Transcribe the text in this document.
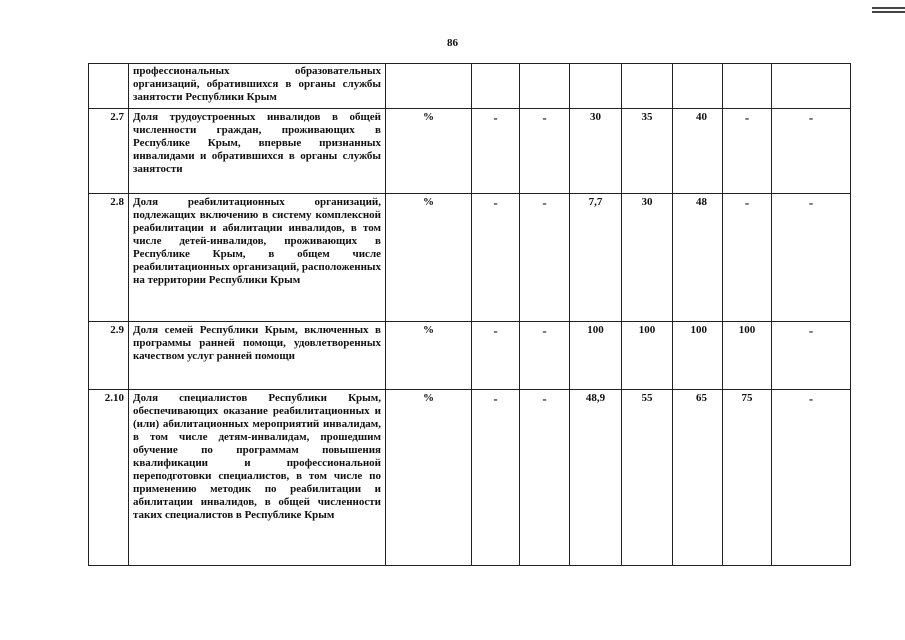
86
	профессиональных образовательных организаций, обратившихся в органы службы занятости Республики Крым								
2.7	Доля трудоустроенных инвалидов в общей численности граждан, проживающих в Республике Крым, впервые признанных инвалидами и обратившихся в органы службы занятости	%	-	-	30	35	40	-	-
2.8	Доля реабилитационных организаций, подлежащих включению в систему комплексной реабилитации и абилитации инвалидов, в том числе детей-инвалидов, проживающих в Республике Крым, в общем числе реабилитационных организаций, расположенных на территории Республики Крым	%	-	-	7,7	30	48	-	-
2.9	Доля семей Республики Крым, включенных в программы ранней помощи, удовлетворенных качеством услуг ранней помощи	%	-	-	100	100	100	100	-
2.10	Доля специалистов Республики Крым, обеспечивающих оказание реабилитационных и (или) абилитационных мероприятий инвалидам, в том числе детям-инвалидам, прошедшим обучение по программам повышения квалификации и профессиональной переподготовки специалистов, в том числе по применению методик по реабилитации и абилитации инвалидов, в общей численности таких специалистов в Республике Крым	%	-	-	48,9	55	65	75	-
